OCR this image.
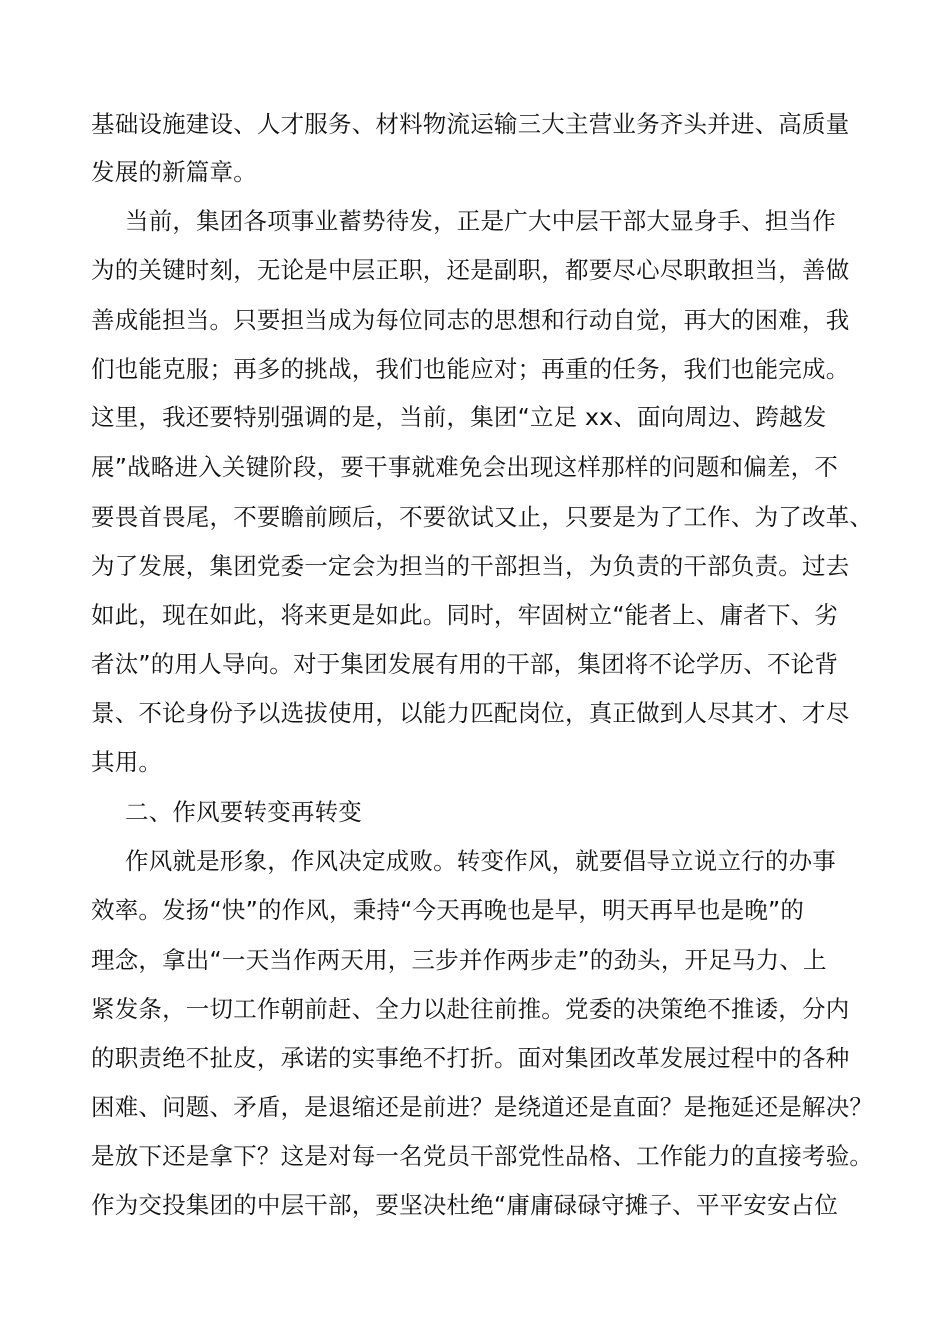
基础设施建设、人才服务、材料物流运输三大主营业务齐头并进、高质量
发展的新篇章。
当前，集团各项事业蓄势待发，正是广大中层干部大显身手、担当作
为的关键时刻，无论是中层正职，还是副职，都要尽心尽职敢担当，善做
善成能担当。只要担当成为每位同志的思想和行动自觉，再大的困难，我
们也能克服；再多的挑战，我们也能应对；再重的任务，我们也能完成。
这里，我还要特别强调的是，当前，集团“立足 xx、面向周边、跨越发
展”战略进入关键阶段，要干事就难免会出现这样那样的问题和偏差，不
要畏首畏尾，不要瞻前顾后，不要欲试又止，只要是为了工作、为了改革、
为了发展，集团党委一定会为担当的干部担当，为负责的干部负责。过去
如此，现在如此，将来更是如此。同时，牢固树立“能者上、庸者下、劣
者汰”的用人导向。对于集团发展有用的干部，集团将不论学历、不论背
景、不论身份予以选拔使用，以能力匹配岗位，真正做到人尽其才、才尽
其用。
二、作风要转变再转变
作风就是形象，作风决定成败。转变作风，就要倡导立说立行的办事
效率。发扬“快”的作风，秉持“今天再晚也是早，明天再早也是晚”的
理念，拿出“一天当作两天用，三步并作两步走”的劲头，开足马力、上
紧发条，一切工作朝前赶、全力以赴往前推。党委的决策绝不推诿，分内
的职责绝不扯皮，承诺的实事绝不打折。面对集团改革发展过程中的各种
困难、问题、矛盾，是退缩还是前进？是绕道还是直面？是拖延还是解决？
是放下还是拿下？这是对每一名党员干部党性品格、工作能力的直接考验。
作为交投集团的中层干部，要坚决杜绝“庸庸碌碌守摊子、平平安安占位
